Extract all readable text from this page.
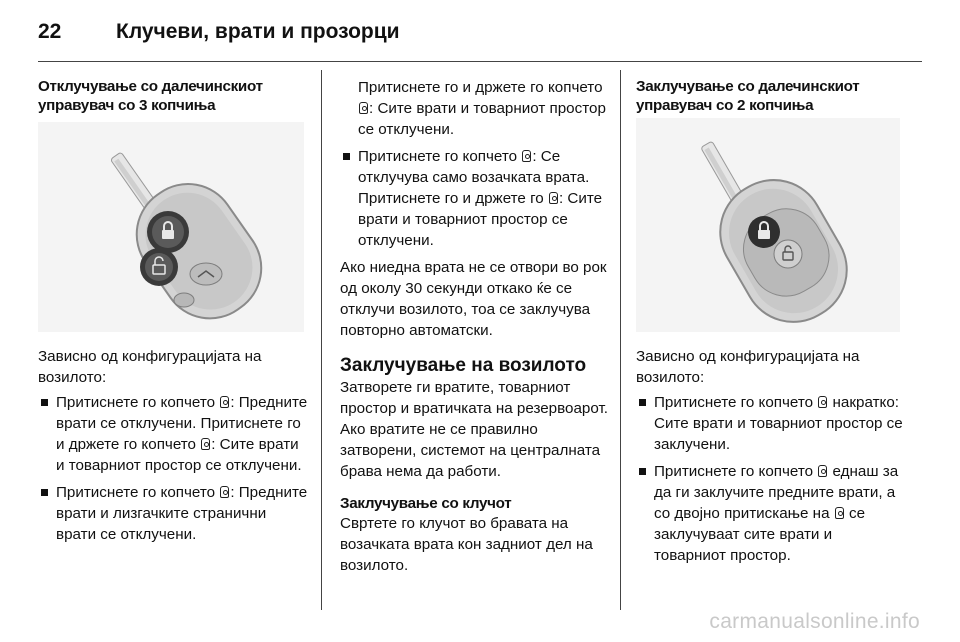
22	Клучеви, врати и прозорци

Отклучување со далечинскиот управувач со 3 копчиња

Зависно од конфигурацијата на возилото:

Притиснете го копчето : Предните врати се отклучени. Притиснете го и држете го копчето : Сите врати и товарниот простор се отклучени.
Притиснете го копчето : Предните врати и лизгачките странични врати се отклучени.
Притиснете го и држете го копчето : Сите врати и товарниот простор се отклучени.
Притиснете го копчето : Се отклучува само возачката врата. Притиснете го и држете го : Сите врати и товарниот простор се отклучени.

Ако ниедна врата не се отвори во рок од околу 30 секунди откако ќе се отклучи возилото, тоа се заклучува повторно автоматски.

Заклучување на возилото

Затворете ги вратите, товарниот простор и вратичката на резервоарот. Ако вратите не се правилно затворени, системот на централната брава нема да работи.

Заклучување со клучот

Свртете го клучот во бравата на возачката врата кон задниот дел на возилото.

Заклучување со далечинскиот управувач со 2 копчиња

Зависно од конфигурацијата на возилото:

Притиснете го копчето  накратко: Сите врати и товарниот простор се заклучени.
Притиснете го копчето  еднаш за да ги заклучите предните врати, а со двојно притискање на  се заклучуваат сите врати и товарниот простор.
carmanualsonline.info
